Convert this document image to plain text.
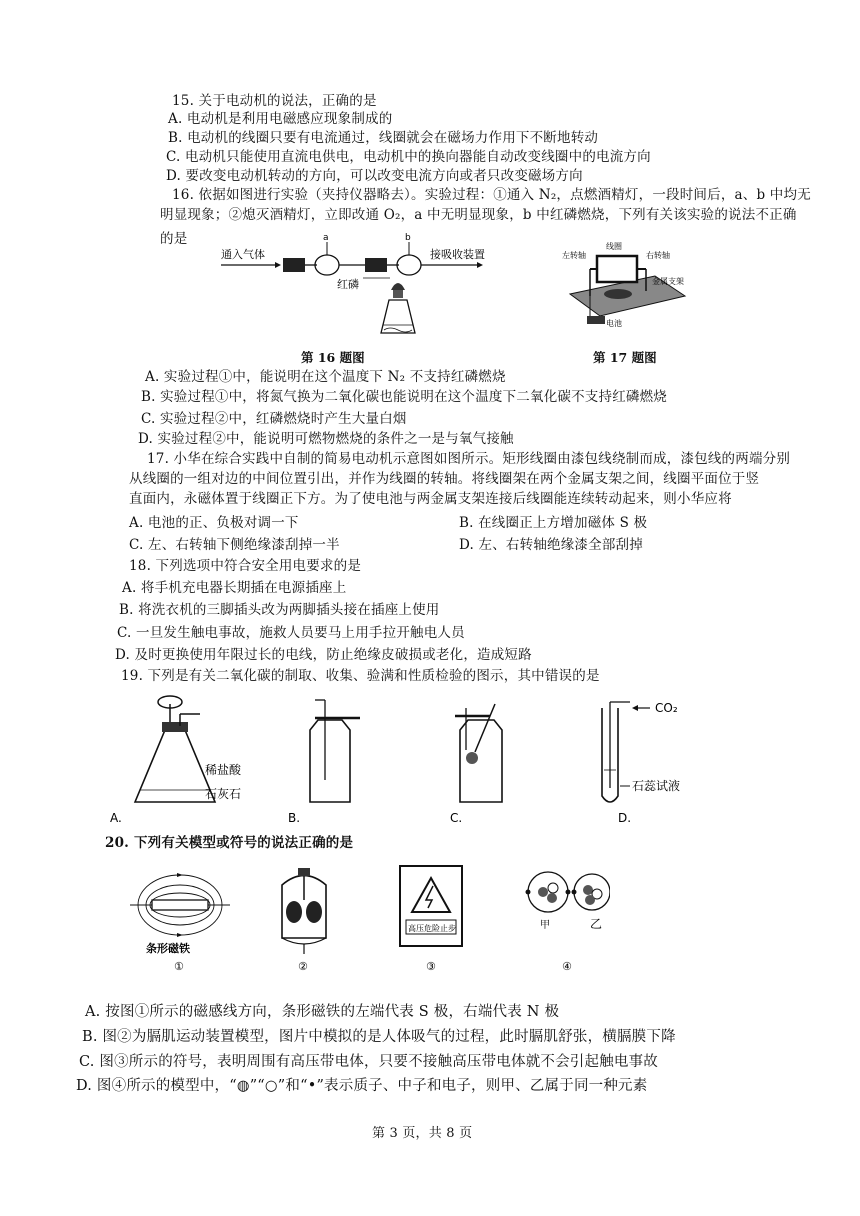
15. 关于电动机的说法，正确的是
A. 电动机是利用电磁感应现象制成的
B. 电动机的线圈只要有电流通过，线圈就会在磁场力作用下不断地转动
C. 电动机只能使用直流电供电，电动机中的换向器能自动改变线圈中的电流方向
D. 要改变电动机转动的方向，可以改变电流方向或者只改变磁场方向
16. 依据如图进行实验（夹持仪器略去）。实验过程：①通入 N₂，点燃酒精灯，一段时间后，a、b 中均无
明显现象；②熄灭酒精灯，立即改通 O₂，a 中无明显现象，b 中红磷燃烧，下列有关该实验的说法不正确
的是
通入气体
a	b
接吸收装置
红磷
第 16 题图
线圈
左转轴	右转轴
金属支架
电池
第 17 题图
A. 实验过程①中，能说明在这个温度下 N₂ 不支持红磷燃烧
B. 实验过程①中，将氮气换为二氧化碳也能说明在这个温度下二氧化碳不支持红磷燃烧
C. 实验过程②中，红磷燃烧时产生大量白烟
D. 实验过程②中，能说明可燃物燃烧的条件之一是与氧气接触
17. 小华在综合实践中自制的简易电动机示意图如图所示。矩形线圈由漆包线绕制而成，漆包线的两端分别
从线圈的一组对边的中间位置引出，并作为线圈的转轴。将线圈架在两个金属支架之间，线圈平面位于竖
直面内，永磁体置于线圈正下方。为了使电池与两金属支架连接后线圈能连续转动起来，则小华应将
A. 电池的正、负极对调一下	B. 在线圈正上方增加磁体 S 极
C. 左、右转轴下侧绝缘漆刮掉一半	D. 左、右转轴绝缘漆全部刮掉
18. 下列选项中符合安全用电要求的是
A. 将手机充电器长期插在电源插座上
B. 将洗衣机的三脚插头改为两脚插头接在插座上使用
C. 一旦发生触电事故，施救人员要马上用手拉开触电人员
D. 及时更换使用年限过长的电线，防止绝缘皮破损或老化，造成短路
19. 下列是有关二氧化碳的制取、收集、验满和性质检验的图示，其中错误的是
稀盐酸
石灰石
A.	B.	C.
CO₂
石蕊试液
D.
20. 下列有关模型或符号的说法正确的是
条形磁铁
①	②
高压危险止步
③
甲	乙
④
A. 按图①所示的磁感线方向，条形磁铁的左端代表 S 极，右端代表 N 极
B. 图②为膈肌运动装置模型，图片中模拟的是人体吸气的过程，此时膈肌舒张，横膈膜下降
C. 图③所示的符号，表明周围有高压带电体，只要不接触高压带电体就不会引起触电事故
D. 图④所示的模型中，“◍”“○”和“•”表示质子、中子和电子，则甲、乙属于同一种元素
第 3 页，共 8 页
